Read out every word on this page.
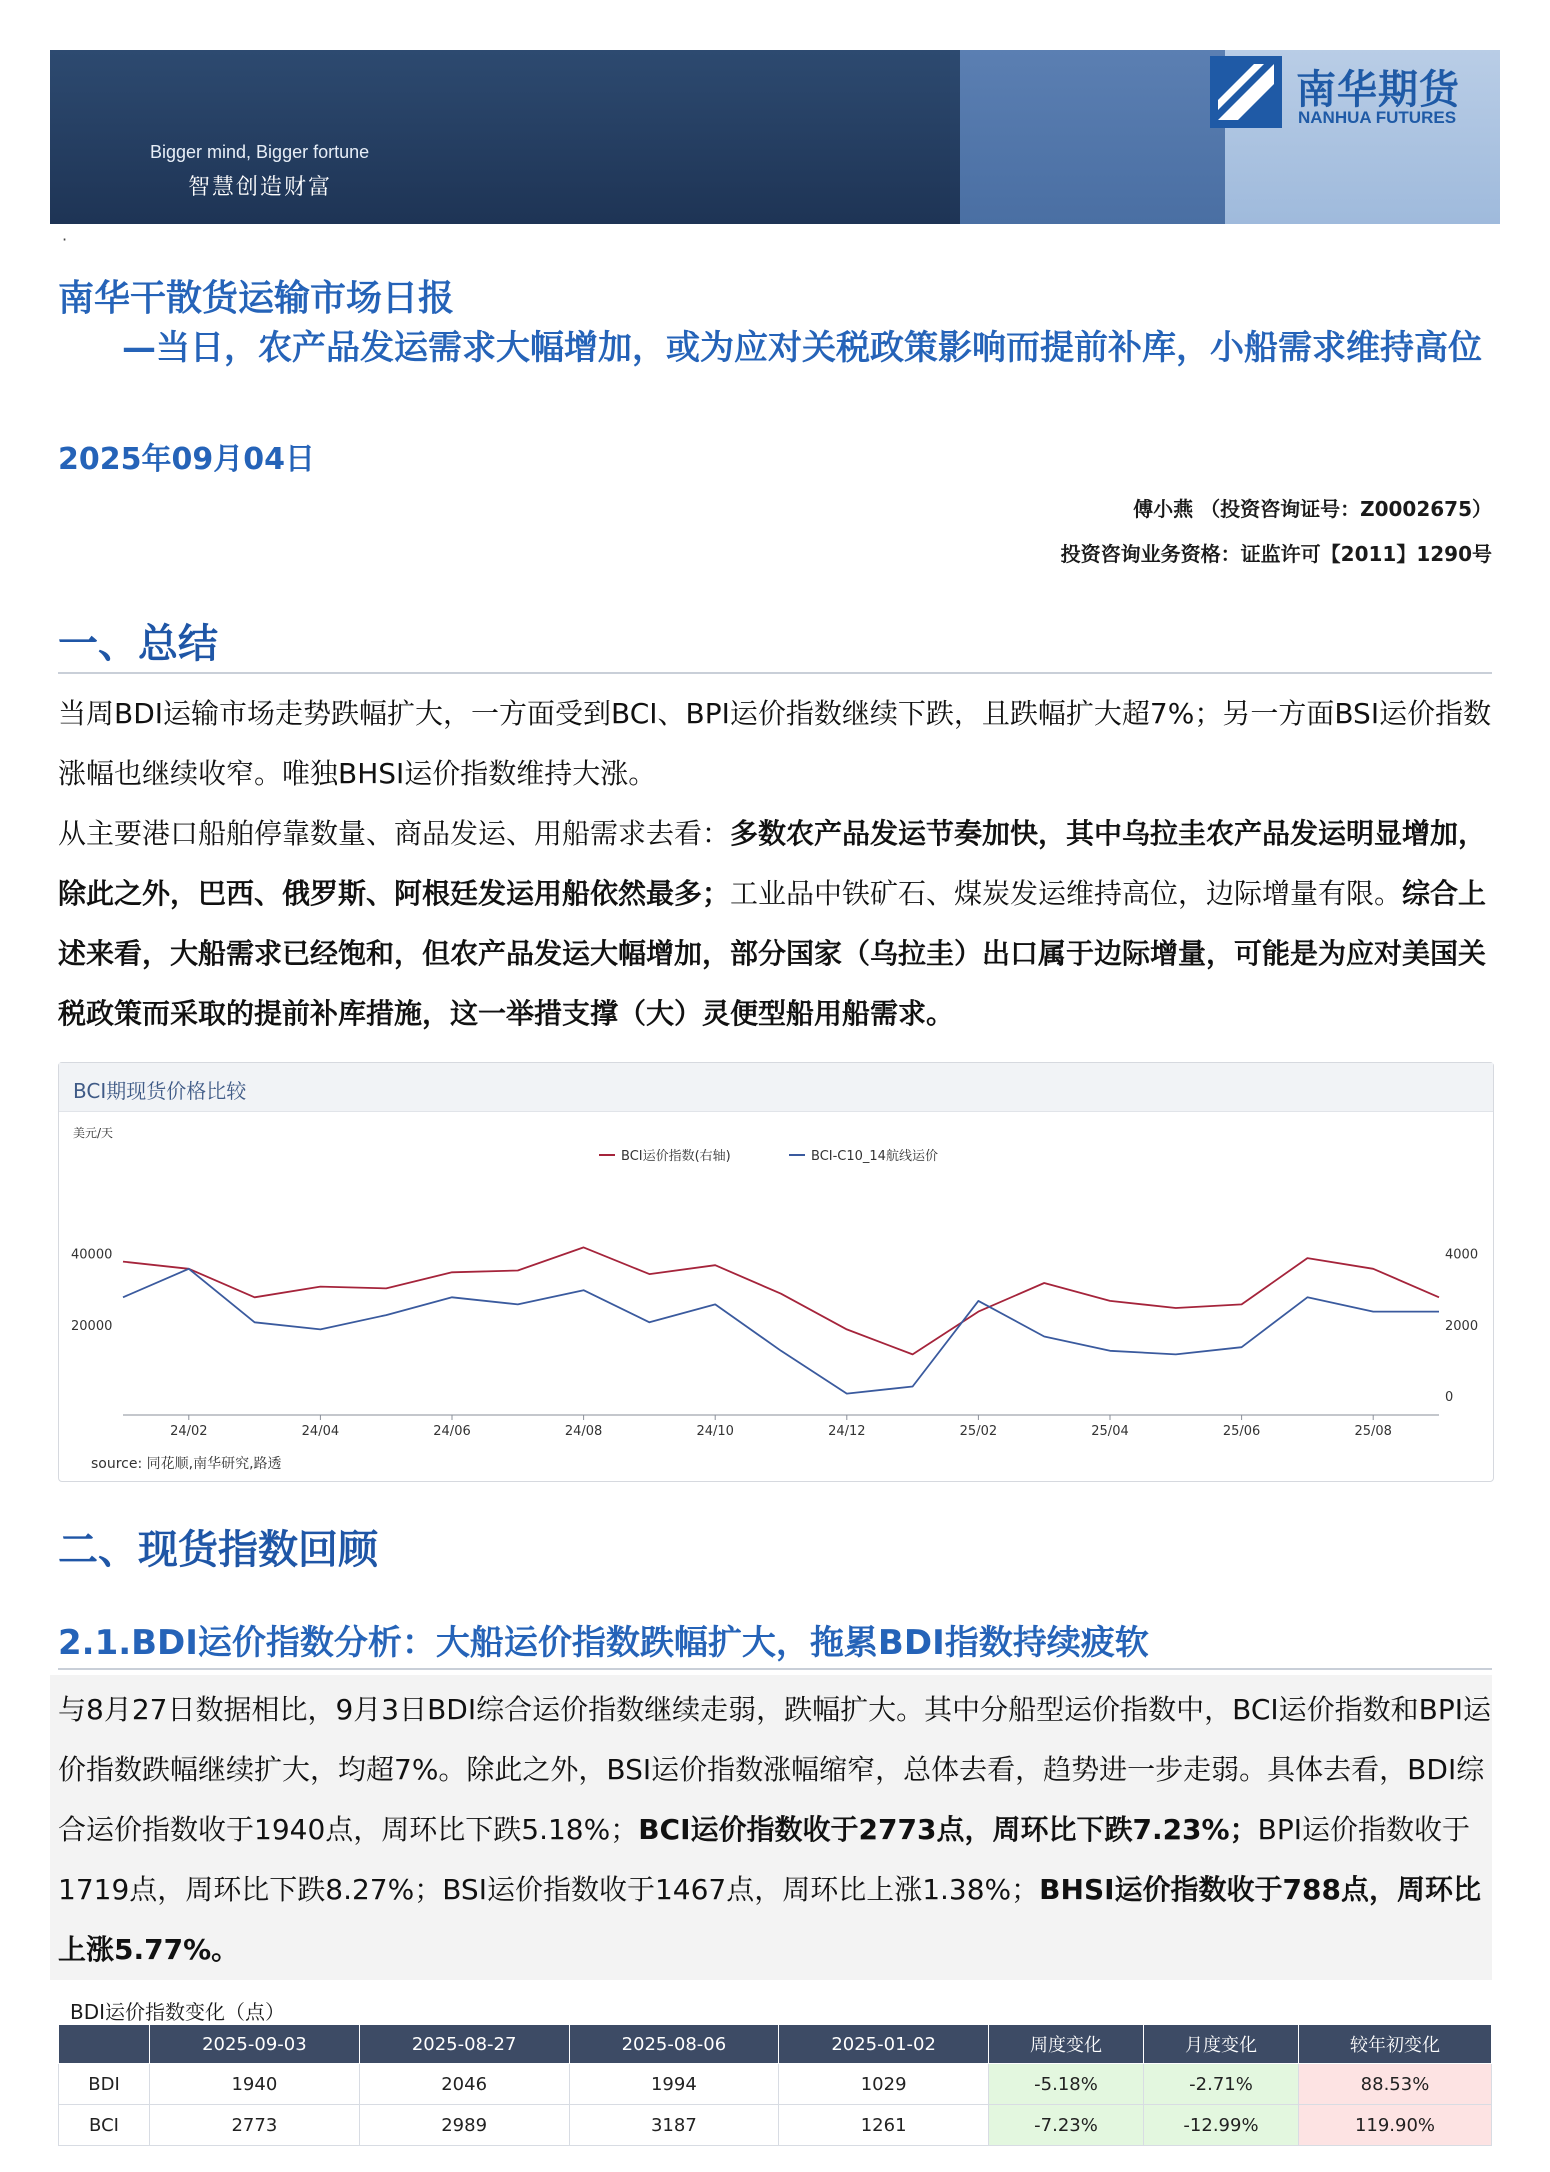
Bigger mind, Bigger fortune
智慧创造财富
南华期货
NANHUA FUTURES
·
南华干散货运输市场日报
—当日，农产品发运需求大幅增加，或为应对关税政策影响而提前补库，小船需求维持高位
2025年09月04日
傅小燕 （投资咨询证号：Z0002675）
投资咨询业务资格：证监许可【2011】1290号
一、总结
当周BDI运输市场走势跌幅扩大，一方面受到BCI、BPI运价指数继续下跌，且跌幅扩大超7%；另一方面BSI运价指数涨幅也继续收窄。唯独BHSI运价指数维持大涨。
从主要港口船舶停靠数量、商品发运、用船需求去看：多数农产品发运节奏加快，其中乌拉圭农产品发运明显增加，除此之外，巴西、俄罗斯、阿根廷发运用船依然最多；工业品中铁矿石、煤炭发运维持高位，边际增量有限。综合上述来看，大船需求已经饱和，但农产品发运大幅增加，部分国家（乌拉圭）出口属于边际增量，可能是为应对美国关税政策而采取的提前补库措施，这一举措支撑（大）灵便型船用船需求。
BCI期现货价格比较
美元/天
40000
20000
4000
2000
0
24/02	24/04	24/06	24/08	24/10	24/12	25/02	25/04	25/06	25/08
BCI运价指数(右轴)	BCI-C10_14航线运价
source: 同花顺,南华研究,路透
二、现货指数回顾
2.1.BDI运价指数分析：大船运价指数跌幅扩大，拖累BDI指数持续疲软
与8月27日数据相比，9月3日BDI综合运价指数继续走弱，跌幅扩大。其中分船型运价指数中，BCI运价指数和BPI运价指数跌幅继续扩大，均超7%。除此之外，BSI运价指数涨幅缩窄，总体去看，趋势进一步走弱。具体去看，BDI综合运价指数收于1940点，周环比下跌5.18%；BCI运价指数收于2773点，周环比下跌7.23%；BPI运价指数收于1719点，周环比下跌8.27%；BSI运价指数收于1467点，周环比上涨1.38%；BHSI运价指数收于788点，周环比上涨5.77%。
BDI运价指数变化（点）
	2025-09-03	2025-08-27	2025-08-06	2025-01-02	周度变化	月度变化	较年初变化
BDI	1940	2046	1994	1029	-5.18%	-2.71%	88.53%
BCI	2773	2989	3187	1261	-7.23%	-12.99%	119.90%
